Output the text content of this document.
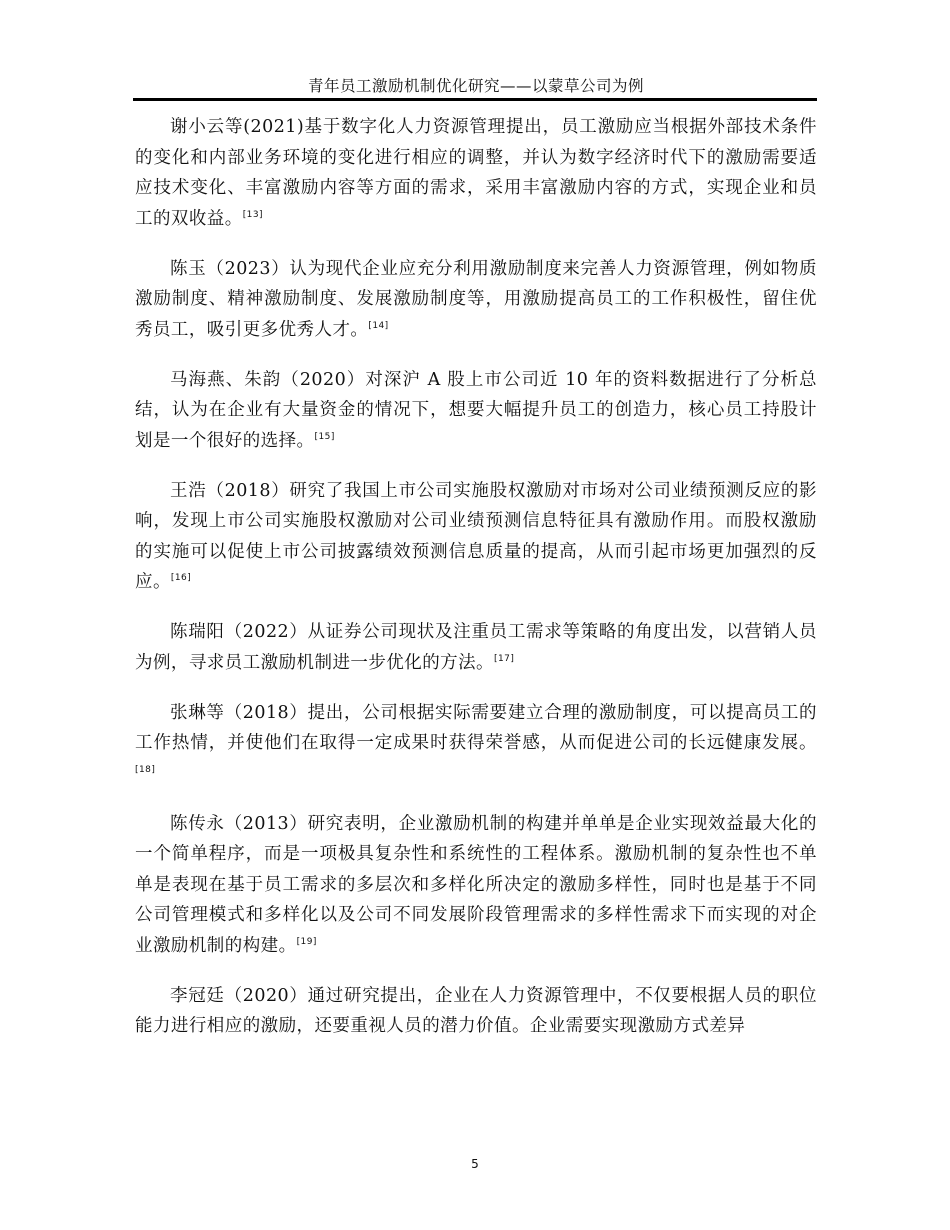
青年员工激励机制优化研究——以蒙草公司为例

谢小云等(2021)基于数字化人力资源管理提出，员工激励应当根据外部技术条件的变化和内部业务环境的变化进行相应的调整，并认为数字经济时代下的激励需要适应技术变化、丰富激励内容等方面的需求，采用丰富激励内容的方式，实现企业和员工的双收益。[13]

陈玉（2023）认为现代企业应充分利用激励制度来完善人力资源管理，例如物质激励制度、精神激励制度、发展激励制度等，用激励提高员工的工作积极性，留住优秀员工，吸引更多优秀人才。[14]

马海燕、朱韵（2020）对深沪 A 股上市公司近 10 年的资料数据进行了分析总结，认为在企业有大量资金的情况下，想要大幅提升员工的创造力，核心员工持股计划是一个很好的选择。[15]

王浩（2018）研究了我国上市公司实施股权激励对市场对公司业绩预测反应的影响，发现上市公司实施股权激励对公司业绩预测信息特征具有激励作用。而股权激励的实施可以促使上市公司披露绩效预测信息质量的提高，从而引起市场更加强烈的反应。[16]

陈瑞阳（2022）从证券公司现状及注重员工需求等策略的角度出发，以营销人员为例，寻求员工激励机制进一步优化的方法。[17]

张琳等（2018）提出，公司根据实际需要建立合理的激励制度，可以提高员工的工作热情，并使他们在取得一定成果时获得荣誉感，从而促进公司的长远健康发展。[18]

陈传永（2013）研究表明，企业激励机制的构建并单单是企业实现效益最大化的一个简单程序，而是一项极具复杂性和系统性的工程体系。激励机制的复杂性也不单单是表现在基于员工需求的多层次和多样化所决定的激励多样性，同时也是基于不同公司管理模式和多样化以及公司不同发展阶段管理需求的多样性需求下而实现的对企业激励机制的构建。[19]

李冠廷（2020）通过研究提出，企业在人力资源管理中，不仅要根据人员的职位能力进行相应的激励，还要重视人员的潜力价值。企业需要实现激励方式差异

5
